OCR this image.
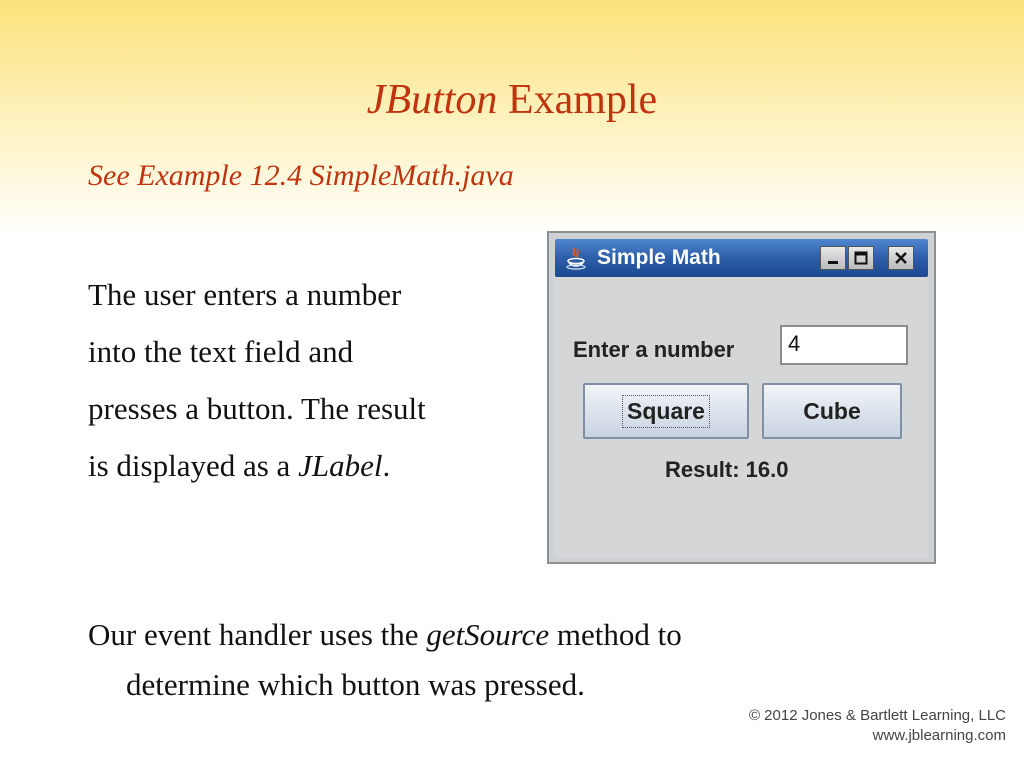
JButton Example
See Example 12.4 SimpleMath.java
The user enters a number
into the text field and
presses a button. The result
is displayed as a JLabel.
Our event handler uses the getSource method to
determine which button was pressed.
Simple Math
Enter a number	4
Square	Cube
Result: 16.0
© 2012 Jones & Bartlett Learning, LLC
www.jblearning.com
